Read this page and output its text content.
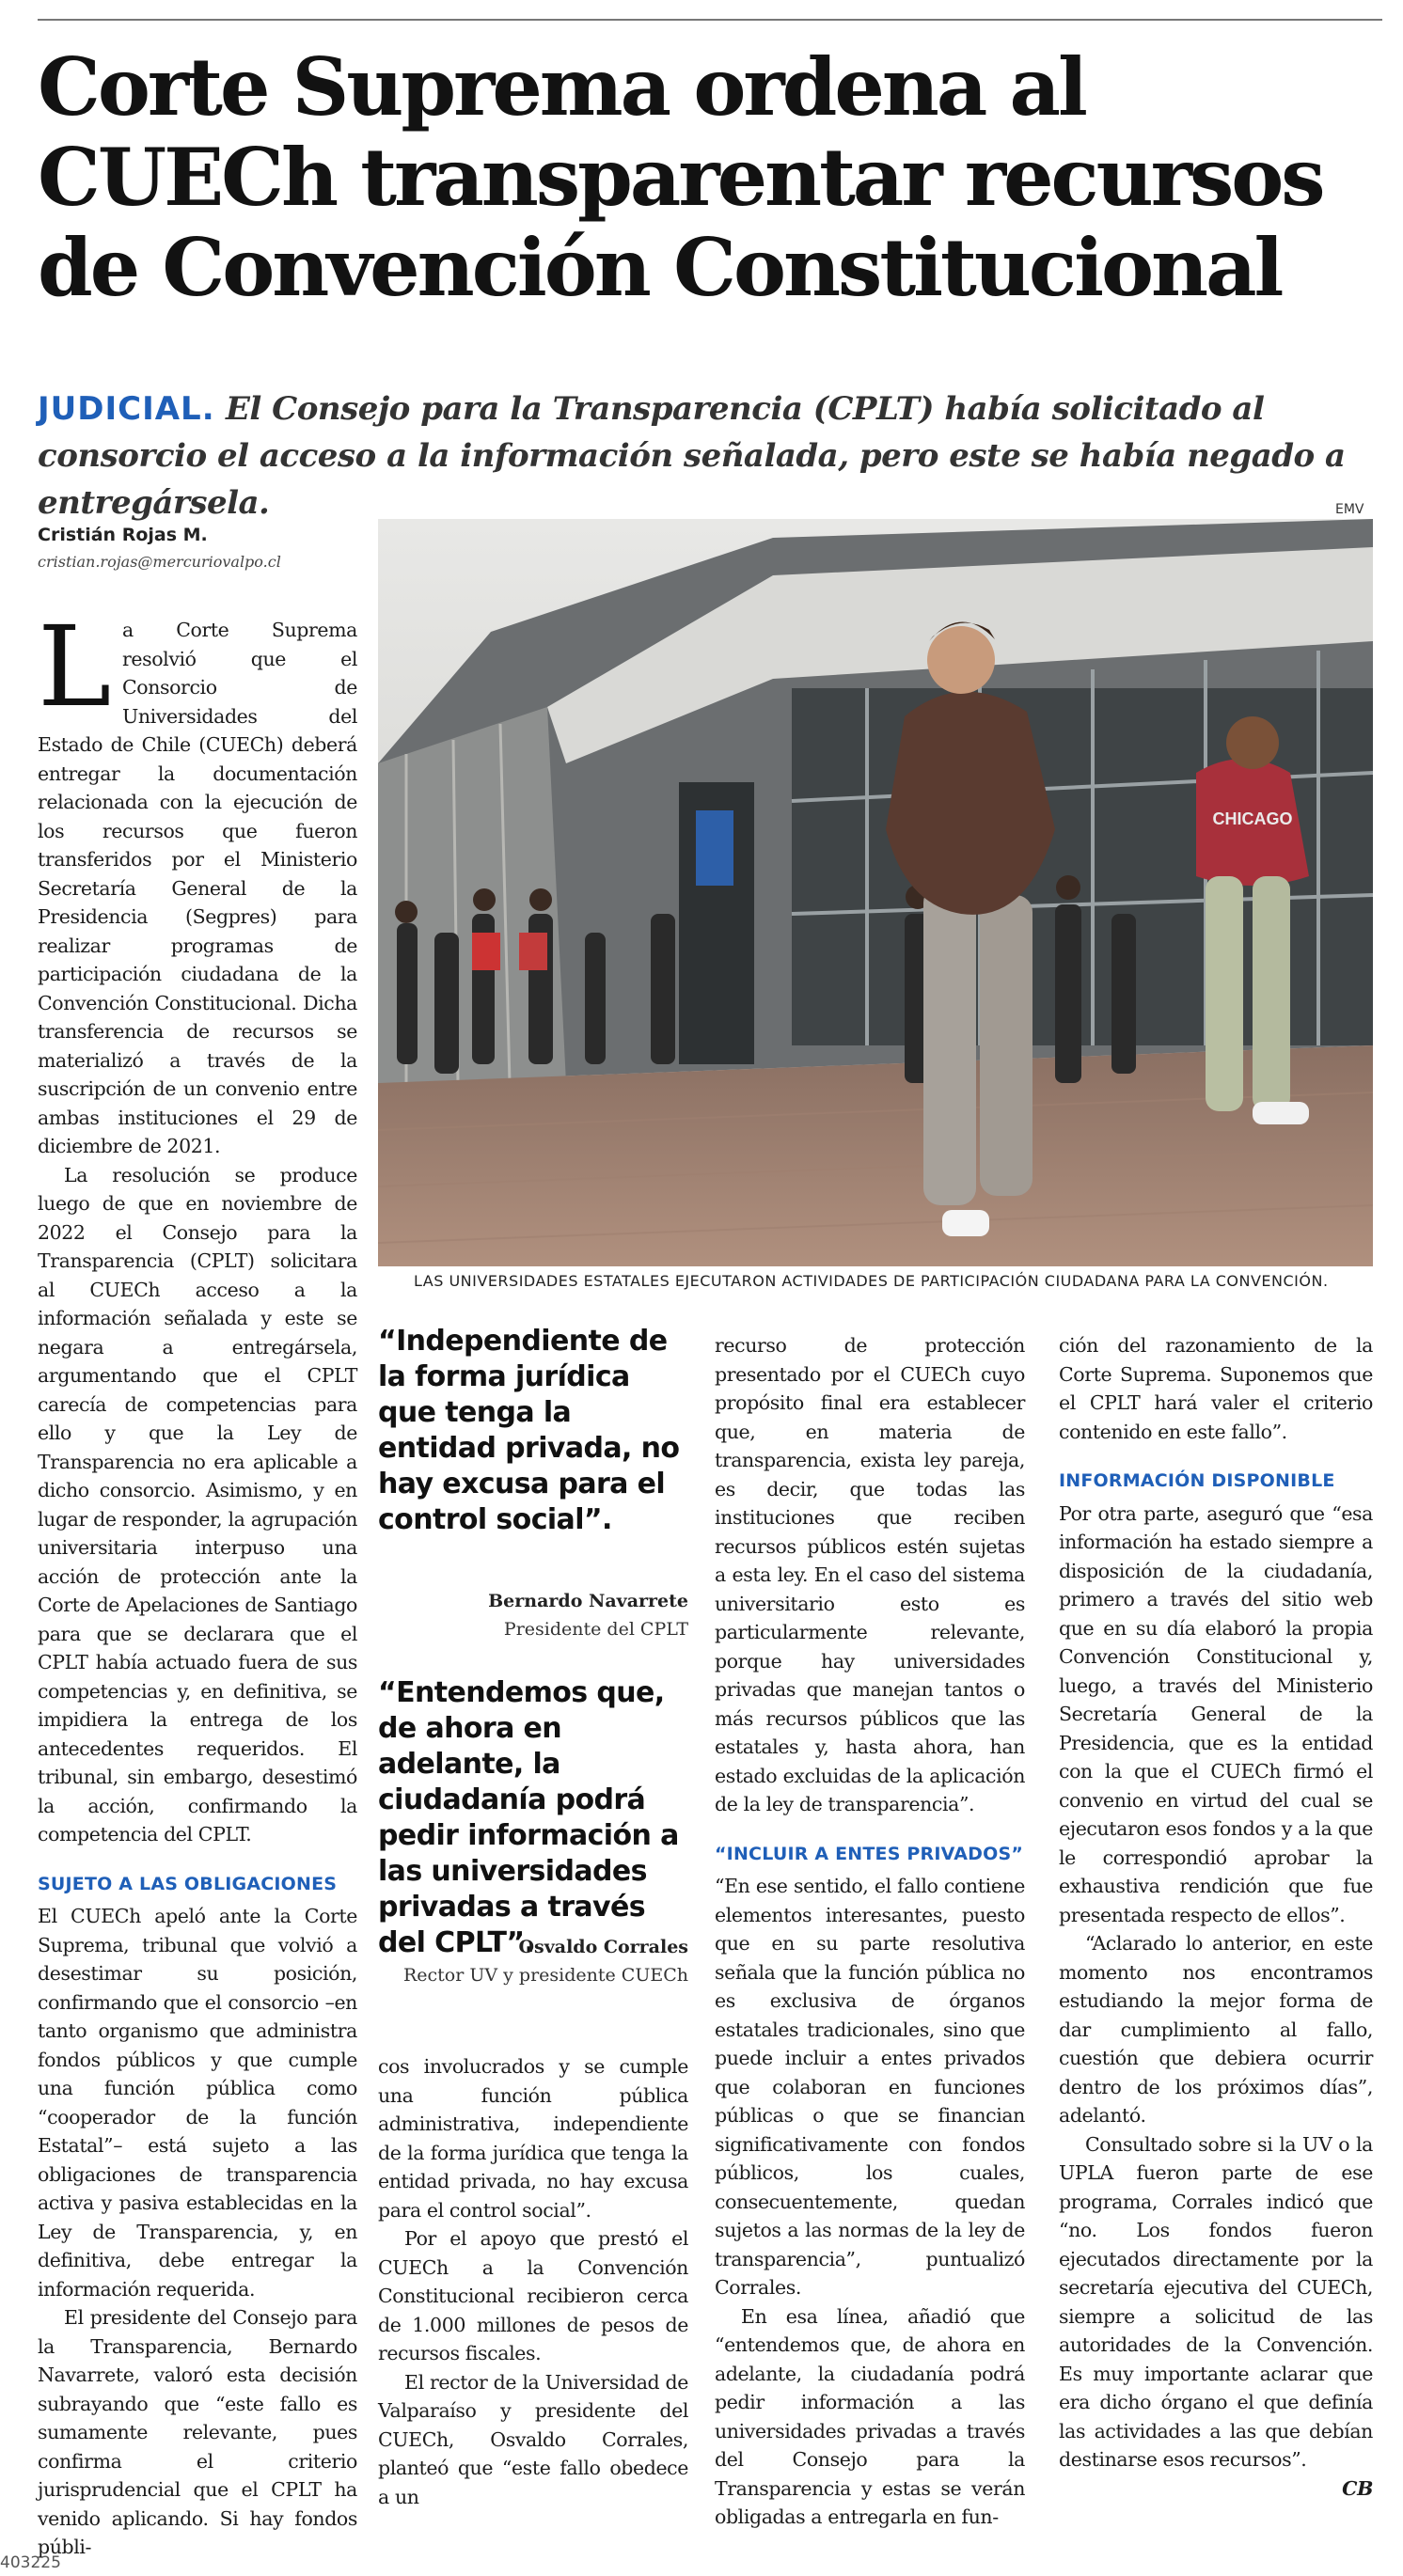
Corte Suprema ordena al
CUECh transparentar recursos
de Convención Constitucional
JUDICIAL. El Consejo para la Transparencia (CPLT) había solicitado al consorcio el acceso a la información señalada, pero este se había negado a entregársela.
Cristián Rojas M.
cristian.rojas@mercuriovalpo.cl
EMV
CHICAGO
LAS UNIVERSIDADES ESTATALES EJECUTARON ACTIVIDADES DE PARTICIPACIÓN CIUDADANA PARA LA CONVENCIÓN.
L a Corte Suprema resolvió que el Consorcio de Universidades del Estado de Chile (CUECh) deberá entregar la documentación relacionada con la ejecución de los recursos que fueron transferidos por el Ministerio Secretaría General de la Presidencia (Segpres) para realizar programas de participación ciudadana de la Convención Constitucional. Dicha transferencia de recursos se materializó a través de la suscripción de un convenio entre ambas instituciones el 29 de diciembre de 2021.

La resolución se produce luego de que en noviembre de 2022 el Consejo para la Transparencia (CPLT) solicitara al CUECh acceso a la información señalada y este se negara a entregársela, argumentando que el CPLT carecía de competencias para ello y que la Ley de Transparencia no era aplicable a dicho consorcio. Asimismo, y en lugar de responder, la agrupación universitaria interpuso una acción de protección ante la Corte de Apelaciones de Santiago para que se declarara que el CPLT había actuado fuera de sus competencias y, en definitiva, se impidiera la entrega de los antecedentes requeridos. El tribunal, sin embargo, desestimó la acción, confirmando la competencia del CPLT.

SUJETO A LAS OBLIGACIONES

El CUECh apeló ante la Corte Suprema, tribunal que volvió a desestimar su posición, confirmando que el consorcio –en tanto organismo que administra fondos públicos y que cumple una función pública como “cooperador de la función Estatal”– está sujeto a las obligaciones de transparencia activa y pasiva establecidas en la Ley de Transparencia, y, en definitiva, debe entregar la información requerida.

El presidente del Consejo para la Transparencia, Bernardo Navarrete, valoró esta decisión subrayando que “este fallo es sumamente relevante, pues confirma el criterio jurisprudencial que el CPLT ha venido aplicando. Si hay fondos públi-

“Independiente de la forma jurídica que tenga la entidad privada, no hay excusa para el control social”.
Bernardo Navarrete
Presidente del CPLT
“Entendemos que, de ahora en adelante, la ciudadanía podrá pedir información a las universidades privadas a través del CPLT”.
Osvaldo Corrales
Rector UV y presidente CUECh

cos involucrados y se cumple una función pública administrativa, independiente de la forma jurídica que tenga la entidad privada, no hay excusa para el control social”.

Por el apoyo que prestó el CUECh a la Convención Constitucional recibieron cerca de 1.000 millones de pesos de recursos fiscales.

El rector de la Universidad de Valparaíso y presidente del CUECh, Osvaldo Corrales, planteó que “este fallo obedece a un

recurso de protección presentado por el CUECh cuyo propósito final era establecer que, en materia de transparencia, exista ley pareja, es decir, que todas las instituciones que reciben recursos públicos estén sujetas a esta ley. En el caso del sistema universitario esto es particularmente relevante, porque hay universidades privadas que manejan tantos o más recursos públicos que las estatales y, hasta ahora, han estado excluidas de la aplicación de la ley de transparencia”.

“INCLUIR A ENTES PRIVADOS”

“En ese sentido, el fallo contiene elementos interesantes, puesto que en su parte resolutiva señala que la función pública no es exclusiva de órganos estatales tradicionales, sino que puede incluir a entes privados que colaboran en funciones públicas o que se financian significativamente con fondos públicos, los cuales, consecuentemente, quedan sujetos a las normas de la ley de transparencia”, puntualizó Corrales.

En esa línea, añadió que “entendemos que, de ahora en adelante, la ciudadanía podrá pedir información a las universidades privadas a través del Consejo para la Transparencia y estas se verán obligadas a entregarla en fun-

ción del razonamiento de la Corte Suprema. Suponemos que el CPLT hará valer el criterio contenido en este fallo”.

INFORMACIÓN DISPONIBLE

Por otra parte, aseguró que “esa información ha estado siempre a disposición de la ciudadanía, primero a través del sitio web que en su día elaboró la propia Convención Constitucional y, luego, a través del Ministerio Secretaría General de la Presidencia, que es la entidad con la que el CUECh firmó el convenio en virtud del cual se ejecutaron esos fondos y a la que le correspondió aprobar la exhaustiva rendición que fue presentada respecto de ellos”.

“Aclarado lo anterior, en este momento nos encontramos estudiando la mejor forma de dar cumplimiento al fallo, cuestión que debiera ocurrir dentro de los próximos días”, adelantó.

Consultado sobre si la UV o la UPLA fueron parte de ese programa, Corrales indicó que “no. Los fondos fueron ejecutados directamente por la secretaría ejecutiva del CUECh, siempre a solicitud de las autoridades de la Convención. Es muy importante aclarar que era dicho órgano el que definía las actividades a las que debían destinarse esos recursos”.

CB
403225
